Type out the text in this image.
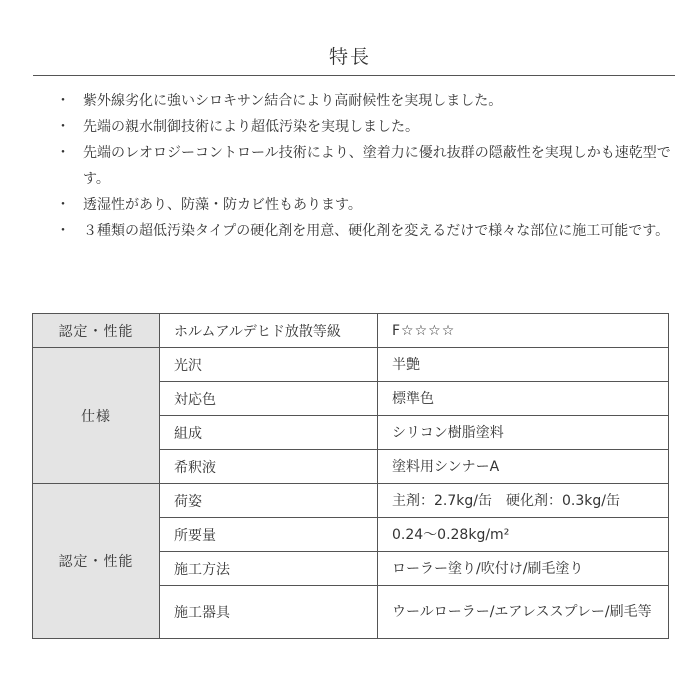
特長
・ 紫外線劣化に強いシロキサン結合により高耐候性を実現しました。
・ 先端の親水制御技術により超低汚染を実現しました。
・ 先端のレオロジーコントロール技術により、塗着力に優れ抜群の隠蔽性を実現しかも速乾型です。
・ 透湿性があり、防藻・防カビ性もあります。
・ ３種類の超低汚染タイプの硬化剤を用意、硬化剤を変えるだけで様々な部位に施工可能です。
認定・性能	ホルムアルデヒド放散等級	F☆☆☆☆
仕様	光沢	半艶
	対応色	標準色
	組成	シリコン樹脂塗料
	希釈液	塗料用シンナーA
認定・性能	荷姿	主剤：2.7kg/缶　硬化剤：0.3kg/缶
	所要量	0.24～0.28kg/m²
	施工方法	ローラー塗り/吹付け/刷毛塗り
	施工器具	ウールローラー/エアレススプレー/刷毛等
